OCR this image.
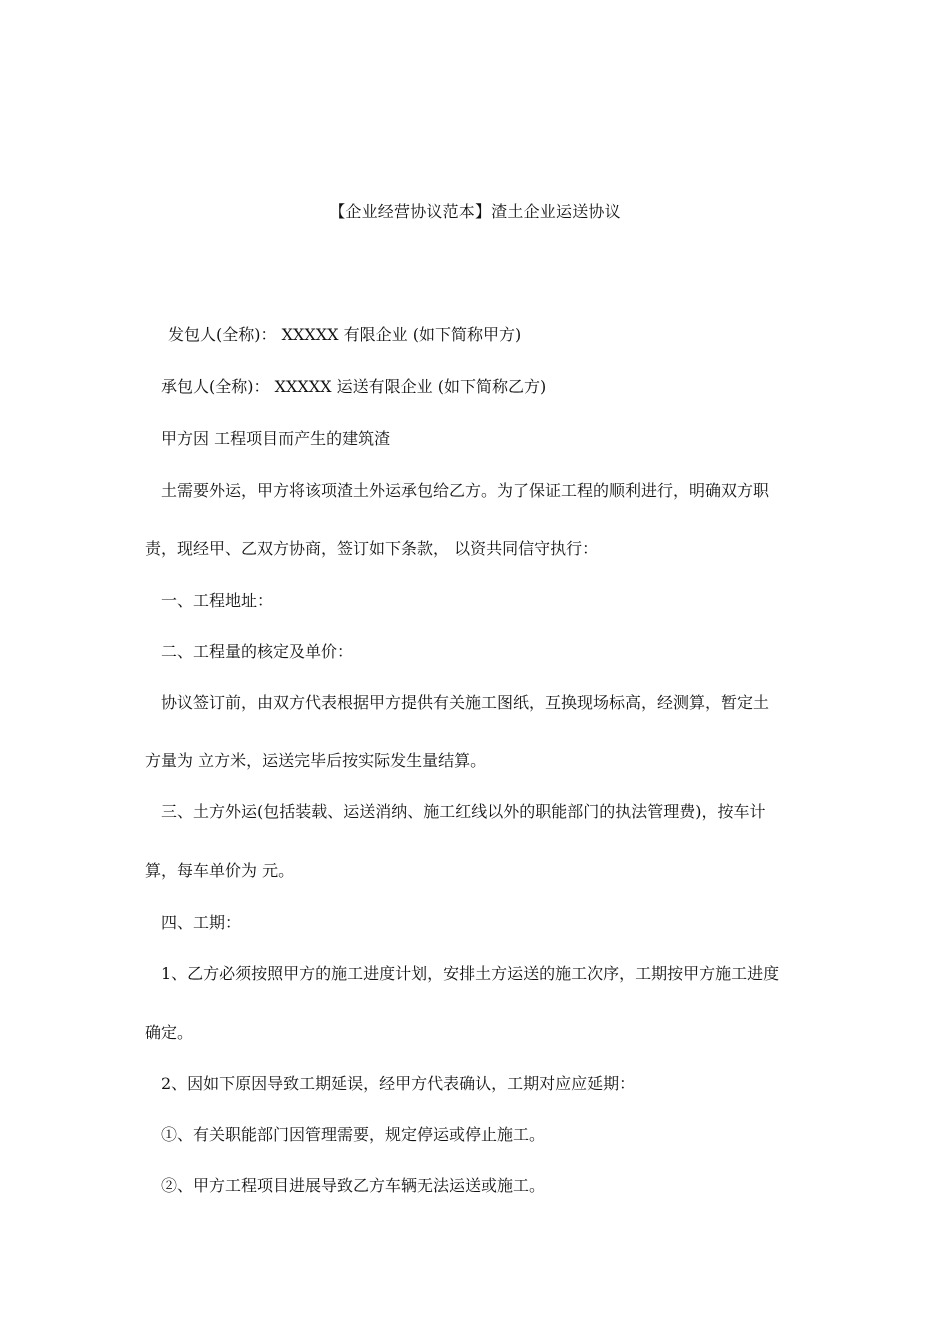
【企业经营协议范本】渣土企业运送协议
发包人(全称)： XXXXX 有限企业 (如下简称甲方)
承包人(全称)： XXXXX 运送有限企业 (如下简称乙方)
甲方因 工程项目而产生的建筑渣
土需要外运，甲方将该项渣土外运承包给乙方。为了保证工程的顺利进行，明确双方职
责，现经甲、乙双方协商，签订如下条款， 以资共同信守执行：
一、工程地址：
二、工程量的核定及单价：
协议签订前，由双方代表根据甲方提供有关施工图纸，互换现场标高，经测算，暂定土
方量为 立方米，运送完毕后按实际发生量结算。
三、土方外运(包括装载、运送消纳、施工红线以外的职能部门的执法管理费)，按车计
算，每车单价为 元。
四、工期：
1、乙方必须按照甲方的施工进度计划，安排土方运送的施工次序，工期按甲方施工进度
确定。
2、因如下原因导致工期延误，经甲方代表确认，工期对应应延期：
①、有关职能部门因管理需要，规定停运或停止施工。
②、甲方工程项目进展导致乙方车辆无法运送或施工。
